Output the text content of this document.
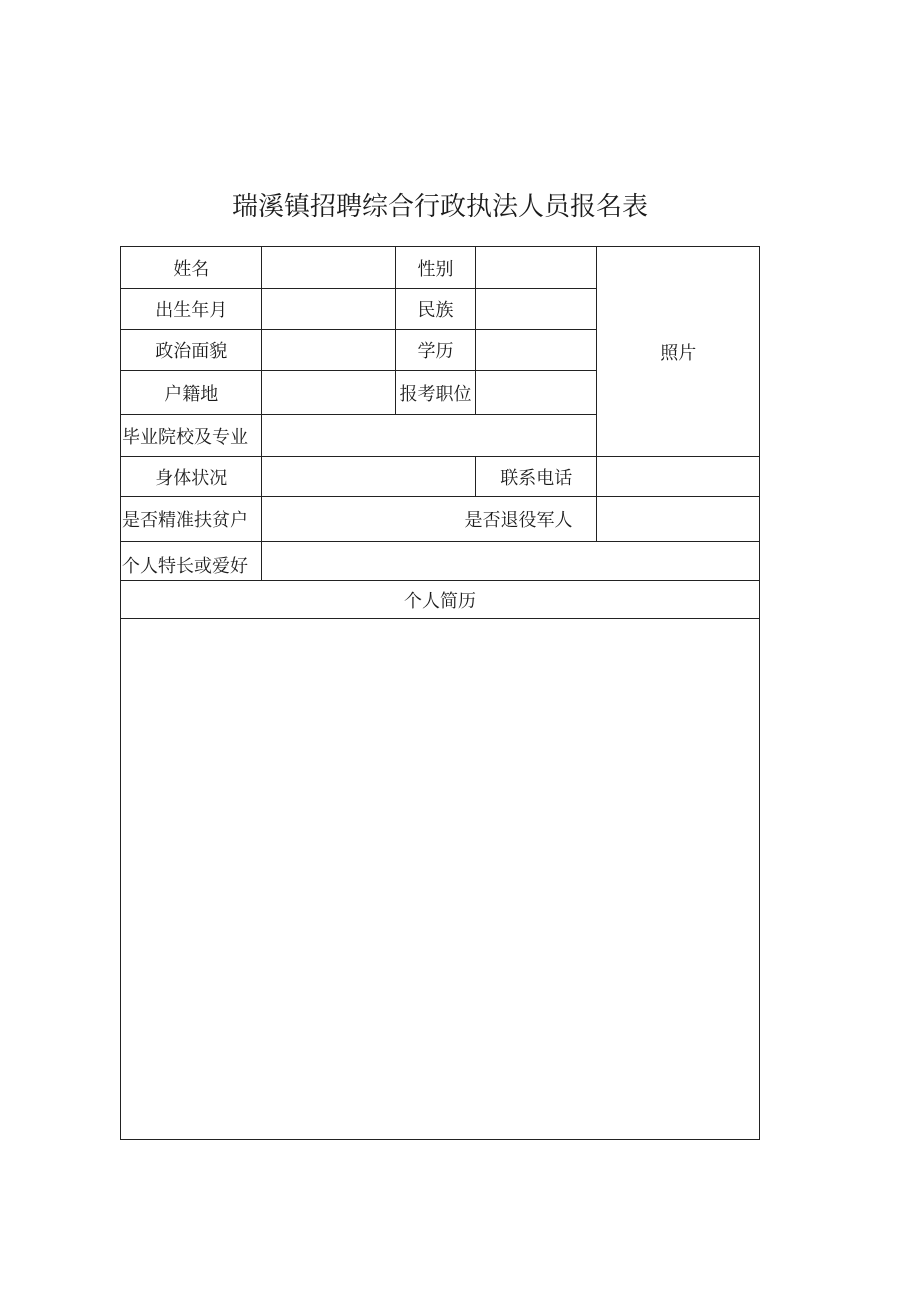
瑞溪镇招聘综合行政执法人员报名表
姓名		性别		照片
出生年月		民族		
政治面貌		学历		
户籍地		报考职位		
毕业院校及专业				
身体状况			联系电话	
是否精准扶贫户	是否退役军人			
个人特长或爱好				
个人简历				
